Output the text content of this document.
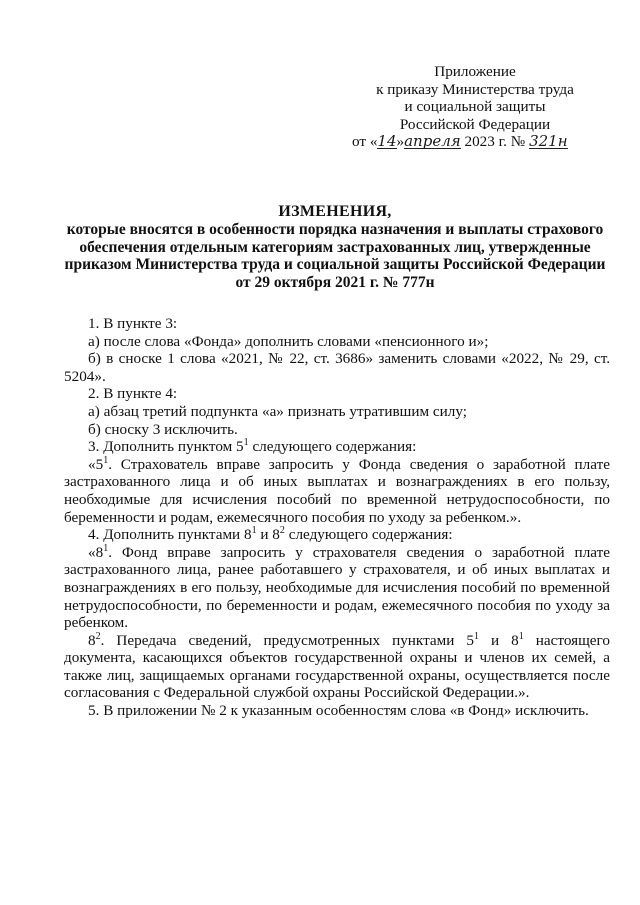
Приложение
к приказу Министерства труда
и социальной защиты
Российской Федерации
от «14»апреля 2023 г. № 321н
ИЗМЕНЕНИЯ,
которые вносятся в особенности порядка назначения и выплаты страхового
обеспечения отдельным категориям застрахованных лиц, утвержденные
приказом Министерства труда и социальной защиты Российской Федерации
от 29 октября 2021 г. № 777н

1. В пункте 3:

а) после слова «Фонда» дополнить словами «пенсионного и»;

б) в сноске 1 слова «2021, № 22, ст. 3686» заменить словами «2022, № 29, ст. 5204».

2. В пункте 4:

а) абзац третий подпункта «а» признать утратившим силу;

б) сноску 3 исключить.

3. Дополнить пунктом $5^1$ следующего содержания:

«$5^1$. Страхователь вправе запросить у Фонда сведения о заработной плате застрахованного лица и об иных выплатах и вознаграждениях в его пользу, необходимые для исчисления пособий по временной нетрудоспособности, по беременности и родам, ежемесячного пособия по уходу за ребенком.».

4. Дополнить пунктами $8^1$ и $8^2$ следующего содержания:

«$8^1$. Фонд вправе запросить у страхователя сведения о заработной плате застрахованного лица, ранее работавшего у страхователя, и об иных выплатах и вознаграждениях в его пользу, необходимые для исчисления пособий по временной нетрудоспособности, по беременности и родам, ежемесячного пособия по уходу за ребенком.

$8^2$. Передача сведений, предусмотренных пунктами $5^1$ и $8^1$ настоящего документа, касающихся объектов государственной охраны и членов их семей, а также лиц, защищаемых органами государственной охраны, осуществляется после согласования с Федеральной службой охраны Российской Федерации.».

5. В приложении № 2 к указанным особенностям слова «в Фонд» исключить.
